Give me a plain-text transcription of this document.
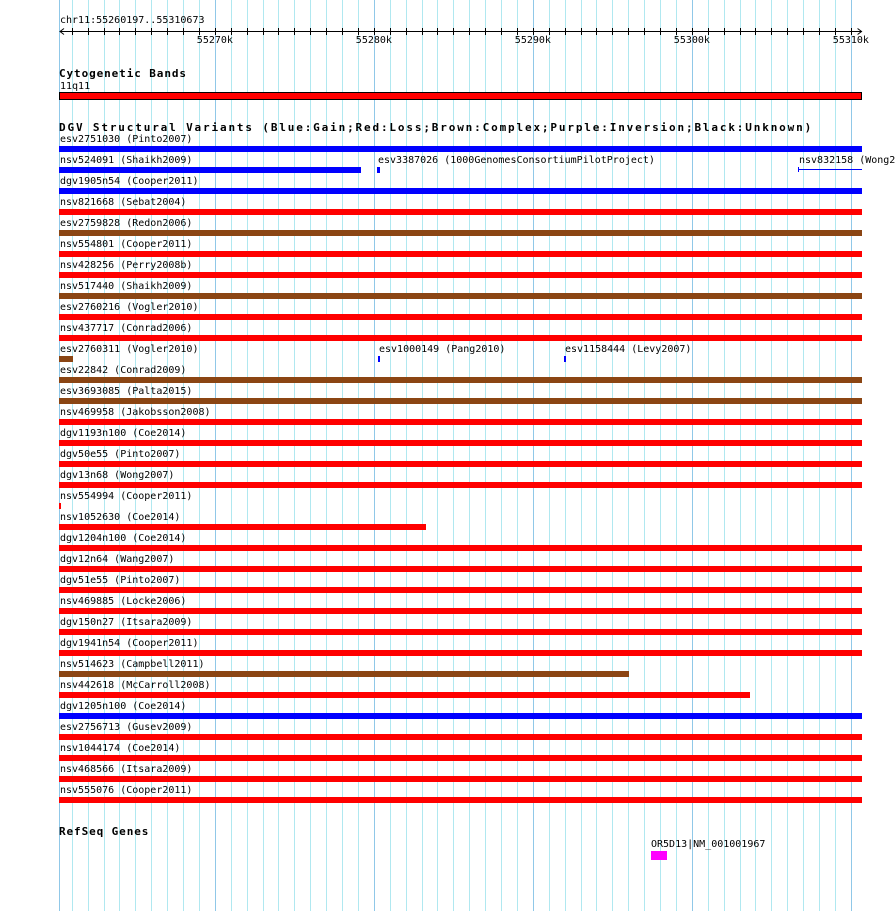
chr11:55260197..55310673
55270k	55280k	55290k	55300k	55310k
Cytogenetic Bands
11q11
DGV Structural Variants (Blue:Gain;Red:Loss;Brown:Complex;Purple:Inversion;Black:Unknown)
esv2751030 (Pinto2007)
nsv524091 (Shaikh2009)	esv3387026 (1000GenomesConsortiumPilotProject)	nsv832158 (Wong2
dgv1905n54 (Cooper2011)
nsv821668 (Sebat2004)
esv2759828 (Redon2006)
nsv554801 (Cooper2011)
nsv428256 (Perry2008b)
nsv517440 (Shaikh2009)
esv2760216 (Vogler2010)
nsv437717 (Conrad2006)
esv2760311 (Vogler2010)	esv1000149 (Pang2010)	esv1158444 (Levy2007)
esv22842 (Conrad2009)
esv3693085 (Palta2015)
nsv469958 (Jakobsson2008)
dgv1193n100 (Coe2014)
dgv50e55 (Pinto2007)
dgv13n68 (Wong2007)
nsv554994 (Cooper2011)
nsv1052630 (Coe2014)
dgv1204n100 (Coe2014)
dgv12n64 (Wang2007)
dgv51e55 (Pinto2007)
nsv469885 (Locke2006)
dgv150n27 (Itsara2009)
dgv1941n54 (Cooper2011)
nsv514623 (Campbell2011)
nsv442618 (McCarroll2008)
dgv1205n100 (Coe2014)
esv2756713 (Gusev2009)
nsv1044174 (Coe2014)
nsv468566 (Itsara2009)
nsv555076 (Cooper2011)
RefSeq Genes
OR5D13|NM_001001967
